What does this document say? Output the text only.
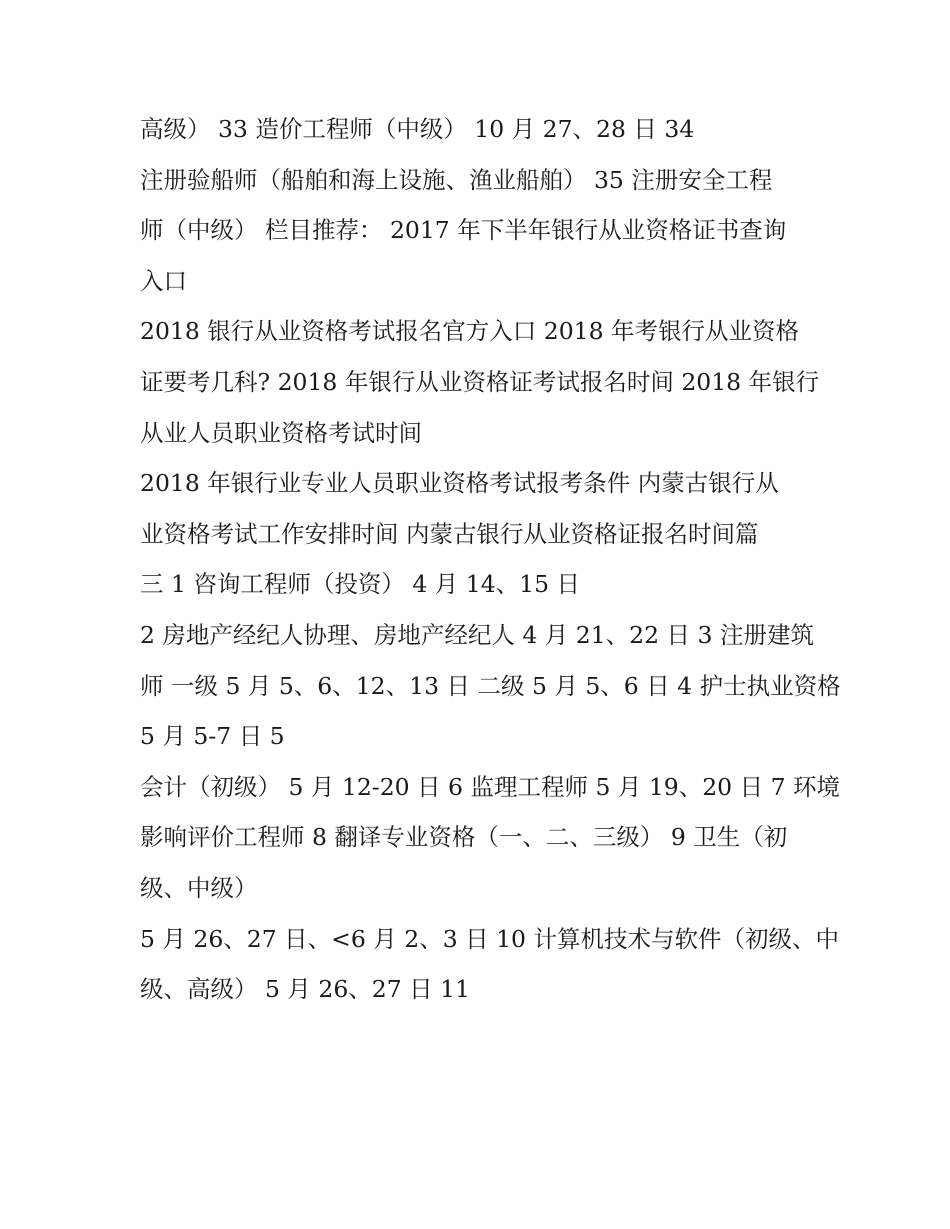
高级） 33 造价工程师（中级） 10 月 27、28 日 34
注册验船师（船舶和海上设施、渔业船舶） 35 注册安全工程
师（中级） 栏目推荐： 2017 年下半年银行从业资格证书查询
入口
2018 银行从业资格考试报名官方入口 2018 年考银行从业资格
证要考几科? 2018 年银行从业资格证考试报名时间 2018 年银行
从业人员职业资格考试时间
2018 年银行业专业人员职业资格考试报考条件 内蒙古银行从
业资格考试工作安排时间 内蒙古银行从业资格证报名时间篇
三 1 咨询工程师（投资） 4 月 14、15 日
2 房地产经纪人协理、房地产经纪人 4 月 21、22 日 3 注册建筑
师 一级 5 月 5、6、12、13 日 二级 5 月 5、6 日 4 护士执业资格
5 月 5-7 日 5
会计（初级） 5 月 12-20 日 6 监理工程师 5 月 19、20 日 7 环境
影响评价工程师 8 翻译专业资格（一、二、三级） 9 卫生（初
级、中级）
5 月 26、27 日、<6 月 2、3 日 10 计算机技术与软件（初级、中
级、高级） 5 月 26、27 日 11
